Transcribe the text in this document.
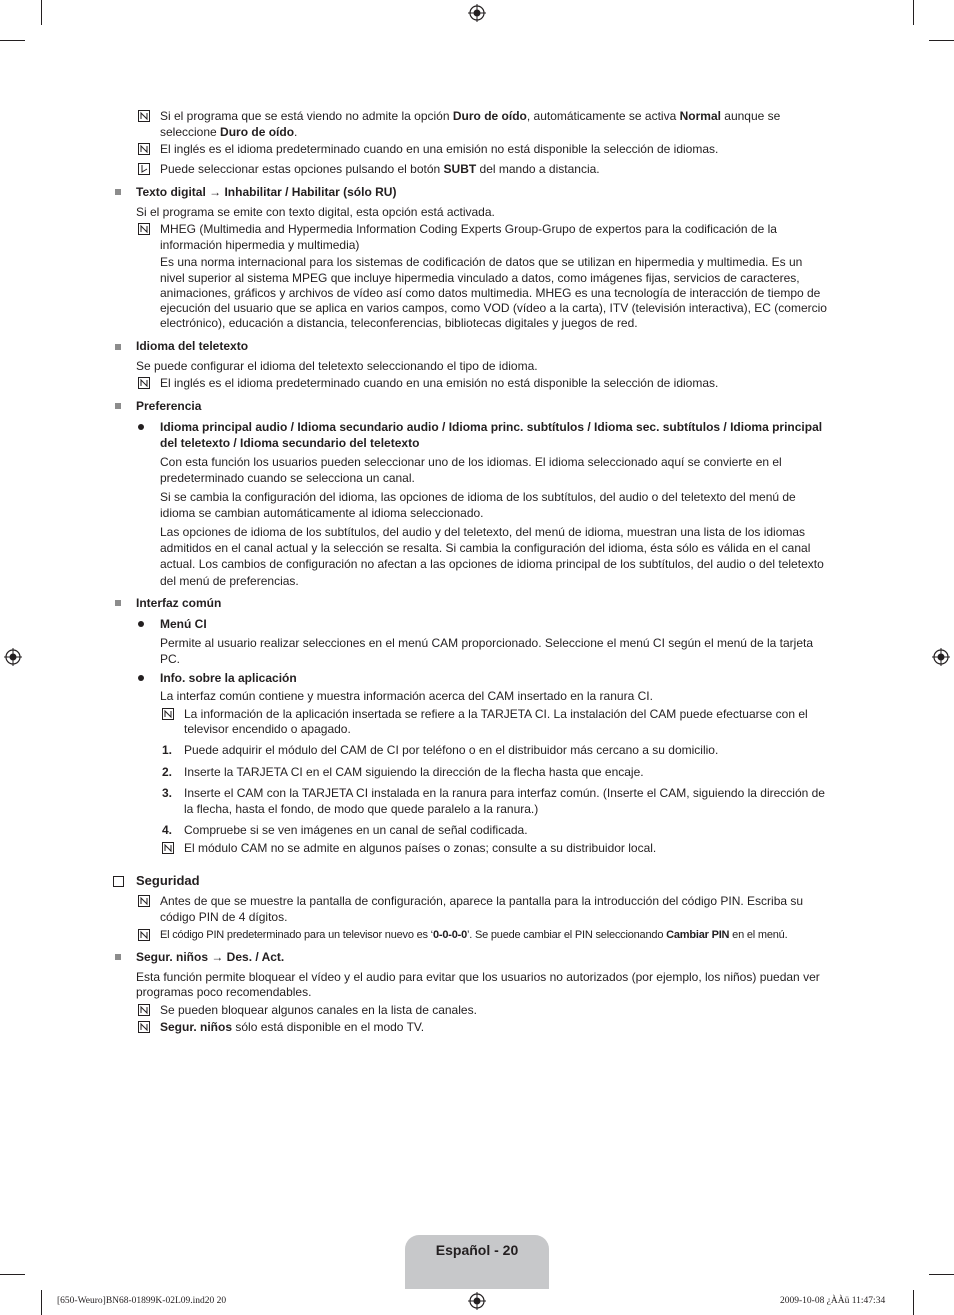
Si el programa que se está viendo no admite la opción Duro de oído, automáticamente se activa Normal aunque se
seleccione Duro de oído.
El inglés es el idioma predeterminado cuando en una emisión no está disponible la selección de idiomas.
Puede seleccionar estas opciones pulsando el botón SUBT del mando a distancia.
Texto digital → Inhabilitar / Habilitar (sólo RU)
Si el programa se emite con texto digital, esta opción está activada.
MHEG (Multimedia and Hypermedia Information Coding Experts Group-Grupo de expertos para la codificación de la
información hipermedia y multimedia)
Es una norma internacional para los sistemas de codificación de datos que se utilizan en hipermedia y multimedia. Es un
nivel superior al sistema MPEG que incluye hipermedia vinculado a datos, como imágenes fijas, servicios de caracteres,
animaciones, gráficos y archivos de vídeo así como datos multimedia. MHEG es una tecnología de interacción de tiempo de
ejecución del usuario que se aplica en varios campos, como VOD (vídeo a la carta), ITV (televisión interactiva), EC (comercio
electrónico), educación a distancia, teleconferencias, bibliotecas digitales y juegos de red.
Idioma del teletexto
Se puede configurar el idioma del teletexto seleccionando el tipo de idioma.
El inglés es el idioma predeterminado cuando en una emisión no está disponible la selección de idiomas.
Preferencia
Idioma principal audio / Idioma secundario audio / Idioma princ. subtítulos / Idioma sec. subtítulos / Idioma principal
del teletexto / Idioma secundario del teletexto
Con esta función los usuarios pueden seleccionar uno de los idiomas. El idioma seleccionado aquí se convierte en el
predeterminado cuando se selecciona un canal.
Si se cambia la configuración del idioma, las opciones de idioma de los subtítulos, del audio o del teletexto del menú de
idioma se cambian automáticamente al idioma seleccionado.
Las opciones de idioma de los subtítulos, del audio y del teletexto, del menú de idioma, muestran una lista de los idiomas
admitidos en el canal actual y la selección se resalta. Si cambia la configuración del idioma, ésta sólo es válida en el canal
actual. Los cambios de configuración no afectan a las opciones de idioma principal de los subtítulos, del audio o del teletexto
del menú de preferencias.
Interfaz común
Menú CI
Permite al usuario realizar selecciones en el menú CAM proporcionado. Seleccione el menú CI según el menú de la tarjeta
PC.
Info. sobre la aplicación
La interfaz común contiene y muestra información acerca del CAM insertado en la ranura CI.
La información de la aplicación insertada se refiere a la TARJETA CI. La instalación del CAM puede efectuarse con el
televisor encendido o apagado.
1. Puede adquirir el módulo del CAM de CI por teléfono o en el distribuidor más cercano a su domicilio.
2. Inserte la TARJETA CI en el CAM siguiendo la dirección de la flecha hasta que encaje.
3. Inserte el CAM con la TARJETA CI instalada en la ranura para interfaz común. (Inserte el CAM, siguiendo la dirección de
la flecha, hasta el fondo, de modo que quede paralelo a la ranura.)
4. Compruebe si se ven imágenes en un canal de señal codificada.
El módulo CAM no se admite en algunos países o zonas; consulte a su distribuidor local.
Seguridad
Antes de que se muestre la pantalla de configuración, aparece la pantalla para la introducción del código PIN. Escriba su
código PIN de 4 dígitos.
El código PIN predeterminado para un televisor nuevo es ‘0-0-0-0’. Se puede cambiar el PIN seleccionando Cambiar PIN en el menú.
Segur. niños → Des. / Act.
Esta función permite bloquear el vídeo y el audio para evitar que los usuarios no autorizados (por ejemplo, los niños) puedan ver
programas poco recomendables.
Se pueden bloquear algunos canales en la lista de canales.
Segur. niños sólo está disponible en el modo TV.
Español - 20
[650-Weuro]BN68-01899K-02L09.ind20 20	2009-10-08 ¿ÀÀü 11:47:34
